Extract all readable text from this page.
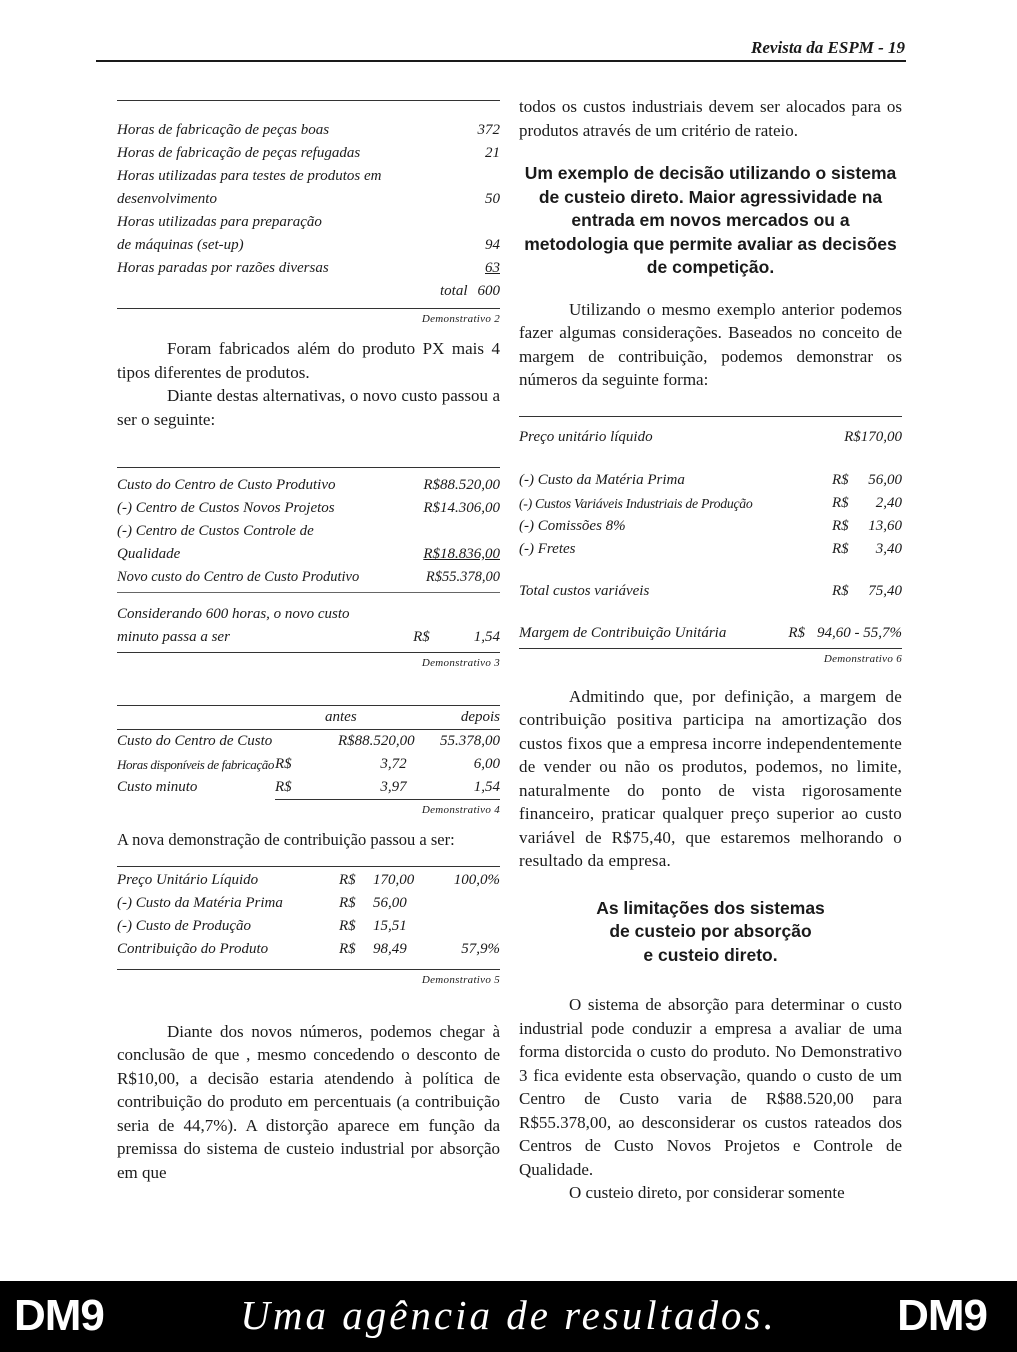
Revista da ESPM - 19
Horas de fabricação de peças boas	372
Horas de fabricação de peças refugadas	21
Horas utilizadas para testes de produtos em
desenvolvimento	50
Horas utilizadas para preparação
de máquinas (set-up)	94
Horas paradas por razões diversas	63
total 600
Demonstrativo 2

Foram fabricados além do produto PX mais 4 tipos diferentes de produtos.

Diante destas alternativas, o novo custo passou a ser o seguinte:

Custo do Centro de Custo Produtivo	R$88.520,00
(-) Centro de Custos Novos Projetos	R$14.306,00
(-) Centro de Custos Controle de
Qualidade	R$18.836,00
Novo custo do Centro de Custo Produtivo	R$55.378,00
Considerando 600 horas, o novo custo
minuto passa a ser	R$	1,54
Demonstrativo 3
	antes		depois
Custo do Centro de Custo		R$88.520,00	55.378,00
Horas disponíveis de fabricação	R$	3,72	6,00
Custo minuto	R$	3,97	1,54
Demonstrativo 4

A nova demonstração de contribuição passou a ser:

Preço Unitário Líquido	R$	170,00	100,0%
(-) Custo da Matéria Prima	R$	56,00	
(-) Custo de Produção	R$	15,51	
Contribuição do Produto	R$	98,49	57,9%
Demonstrativo 5

Diante dos novos números, podemos chegar à conclusão de que , mesmo concedendo o desconto de R$10,00, a decisão estaria atendendo à política de contribuição do produto em percentuais (a contribuição seria de 44,7%). A distorção aparece em função da premissa do sistema de custeio industrial por absorção em que

todos os custos industriais devem ser alocados para os produtos através de um critério de rateio.

Um exemplo de decisão utilizando o sistema de custeio direto. Maior agressividade na entrada em novos mercados ou a metodologia que permite avaliar as decisões de competição.

Utilizando o mesmo exemplo anterior podemos fazer algumas considerações. Baseados no conceito de margem de contribuição, podemos demonstrar os números da seguinte forma:

Preço unitário líquido	R$170,00
(-) Custo da Matéria Prima	R$	56,00
(-) Custos Variáveis Industriais de Produção	R$	2,40
(-) Comissões 8%	R$	13,60
(-) Fretes	R$	3,40

Total custos variáveis	R$	75,40

Margem de Contribuição Unitária	R$ 94,60 - 55,7%
Demonstrativo 6

Admitindo que, por definição, a margem de contribuição positiva participa na amortização dos custos fixos que a empresa incorre independentemente de vender ou não os produtos, podemos, no limite, naturalmente do ponto de vista rigorosamente financeiro, praticar qualquer preço superior ao custo variável de R$75,40, que estaremos melhorando o resultado da empresa.

As limitações dos sistemas
de custeio por absorção
e custeio direto.

O sistema de absorção para determinar o custo industrial pode conduzir a empresa a avaliar de uma forma distorcida o custo do produto. No Demonstrativo 3 fica evidente esta observação, quando o custo de um Centro de Custo varia de R$88.520,00 para R$55.378,00, ao desconsiderar os custos rateados dos Centros de Custo Novos Projetos e Controle de Qualidade.

O custeio direto, por considerar somente

DM9	Uma agência de resultados.	DM9
